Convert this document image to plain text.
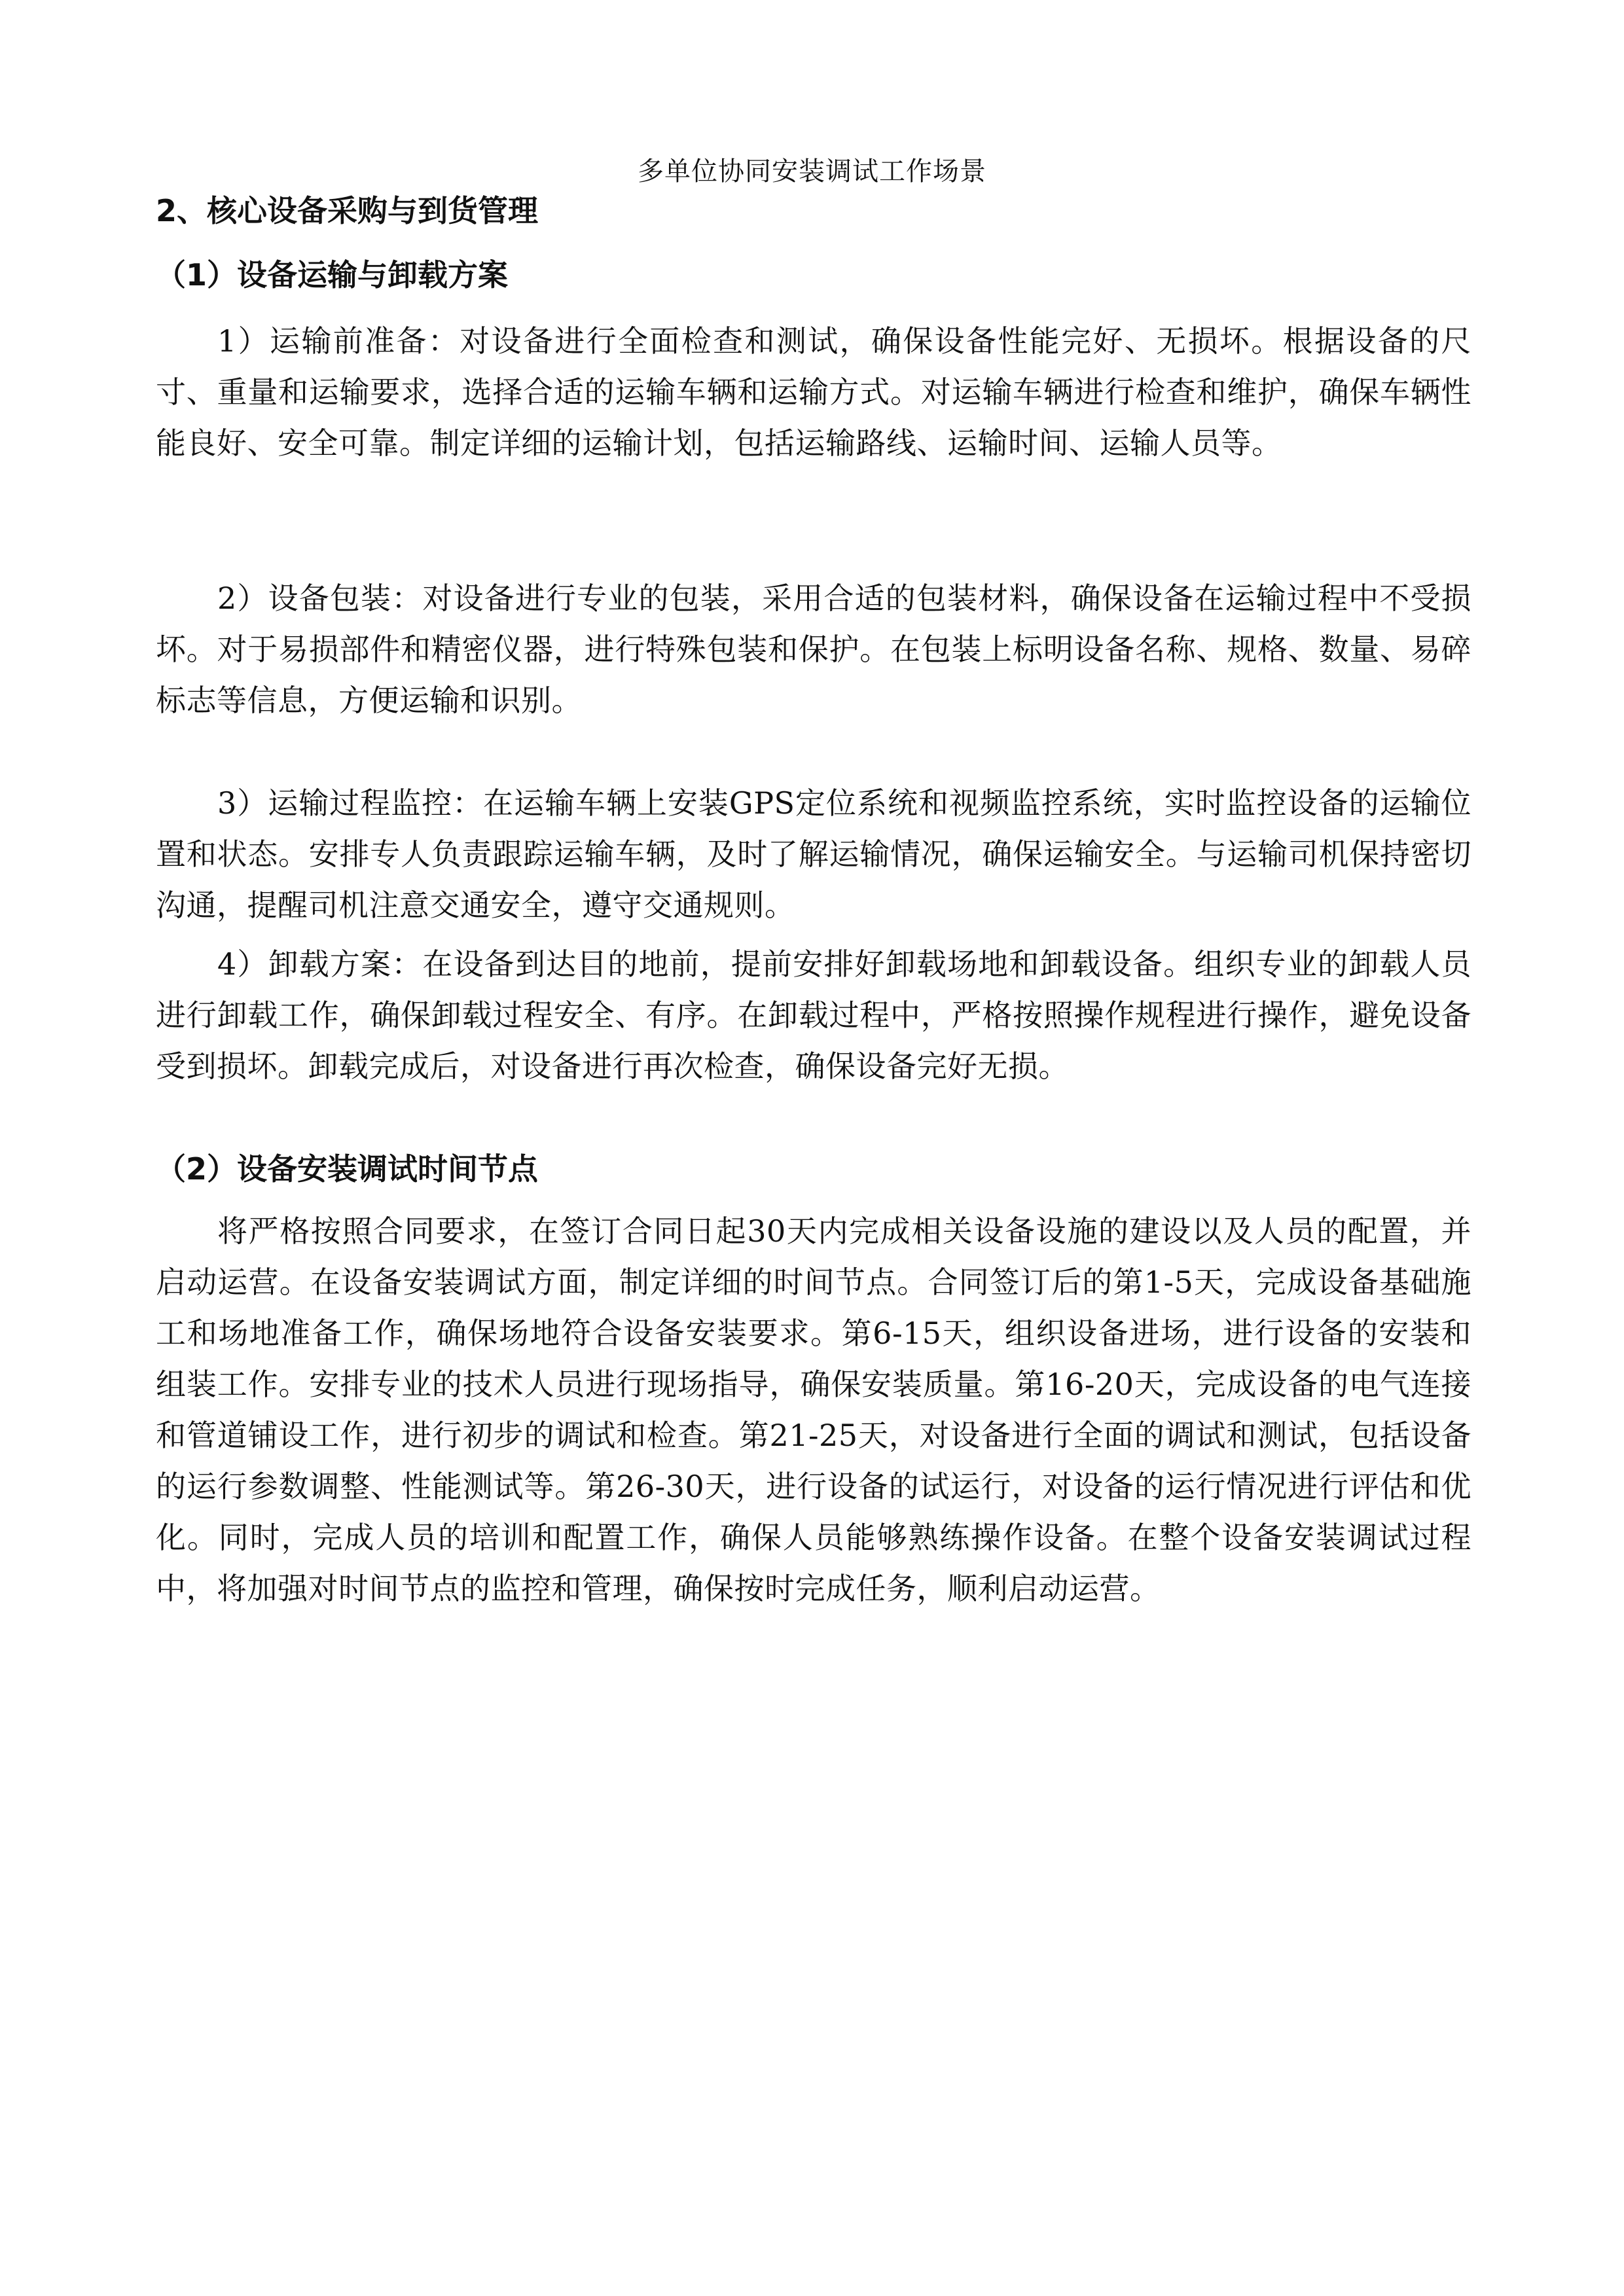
多单位协同安装调试工作场景
2、核心设备采购与到货管理
（1）设备运输与卸载方案
1）运输前准备：对设备进行全面检查和测试，确保设备性能完好、无损坏。根据设备的尺寸、重量和运输要求，选择合适的运输车辆和运输方式。对运输车辆进行检查和维护，确保车辆性能良好、安全可靠。制定详细的运输计划，包括运输路线、运输时间、运输人员等。
2）设备包装：对设备进行专业的包装，采用合适的包装材料，确保设备在运输过程中不受损坏。对于易损部件和精密仪器，进行特殊包装和保护。在包装上标明设备名称、规格、数量、易碎标志等信息，方便运输和识别。
3）运输过程监控：在运输车辆上安装GPS定位系统和视频监控系统，实时监控设备的运输位置和状态。安排专人负责跟踪运输车辆，及时了解运输情况，确保运输安全。与运输司机保持密切沟通，提醒司机注意交通安全，遵守交通规则。
4）卸载方案：在设备到达目的地前，提前安排好卸载场地和卸载设备。组织专业的卸载人员进行卸载工作，确保卸载过程安全、有序。在卸载过程中，严格按照操作规程进行操作，避免设备受到损坏。卸载完成后，对设备进行再次检查，确保设备完好无损。
（2）设备安装调试时间节点
将严格按照合同要求，在签订合同日起30天内完成相关设备设施的建设以及人员的配置，并启动运营。在设备安装调试方面，制定详细的时间节点。合同签订后的第1-5天，完成设备基础施工和场地准备工作，确保场地符合设备安装要求。第6-15天，组织设备进场，进行设备的安装和组装工作。安排专业的技术人员进行现场指导，确保安装质量。第16-20天，完成设备的电气连接和管道铺设工作，进行初步的调试和检查。第21-25天，对设备进行全面的调试和测试，包括设备的运行参数调整、性能测试等。第26-30天，进行设备的试运行，对设备的运行情况进行评估和优化。同时，完成人员的培训和配置工作，确保人员能够熟练操作设备。在整个设备安装调试过程中，将加强对时间节点的监控和管理，确保按时完成任务，顺利启动运营。
